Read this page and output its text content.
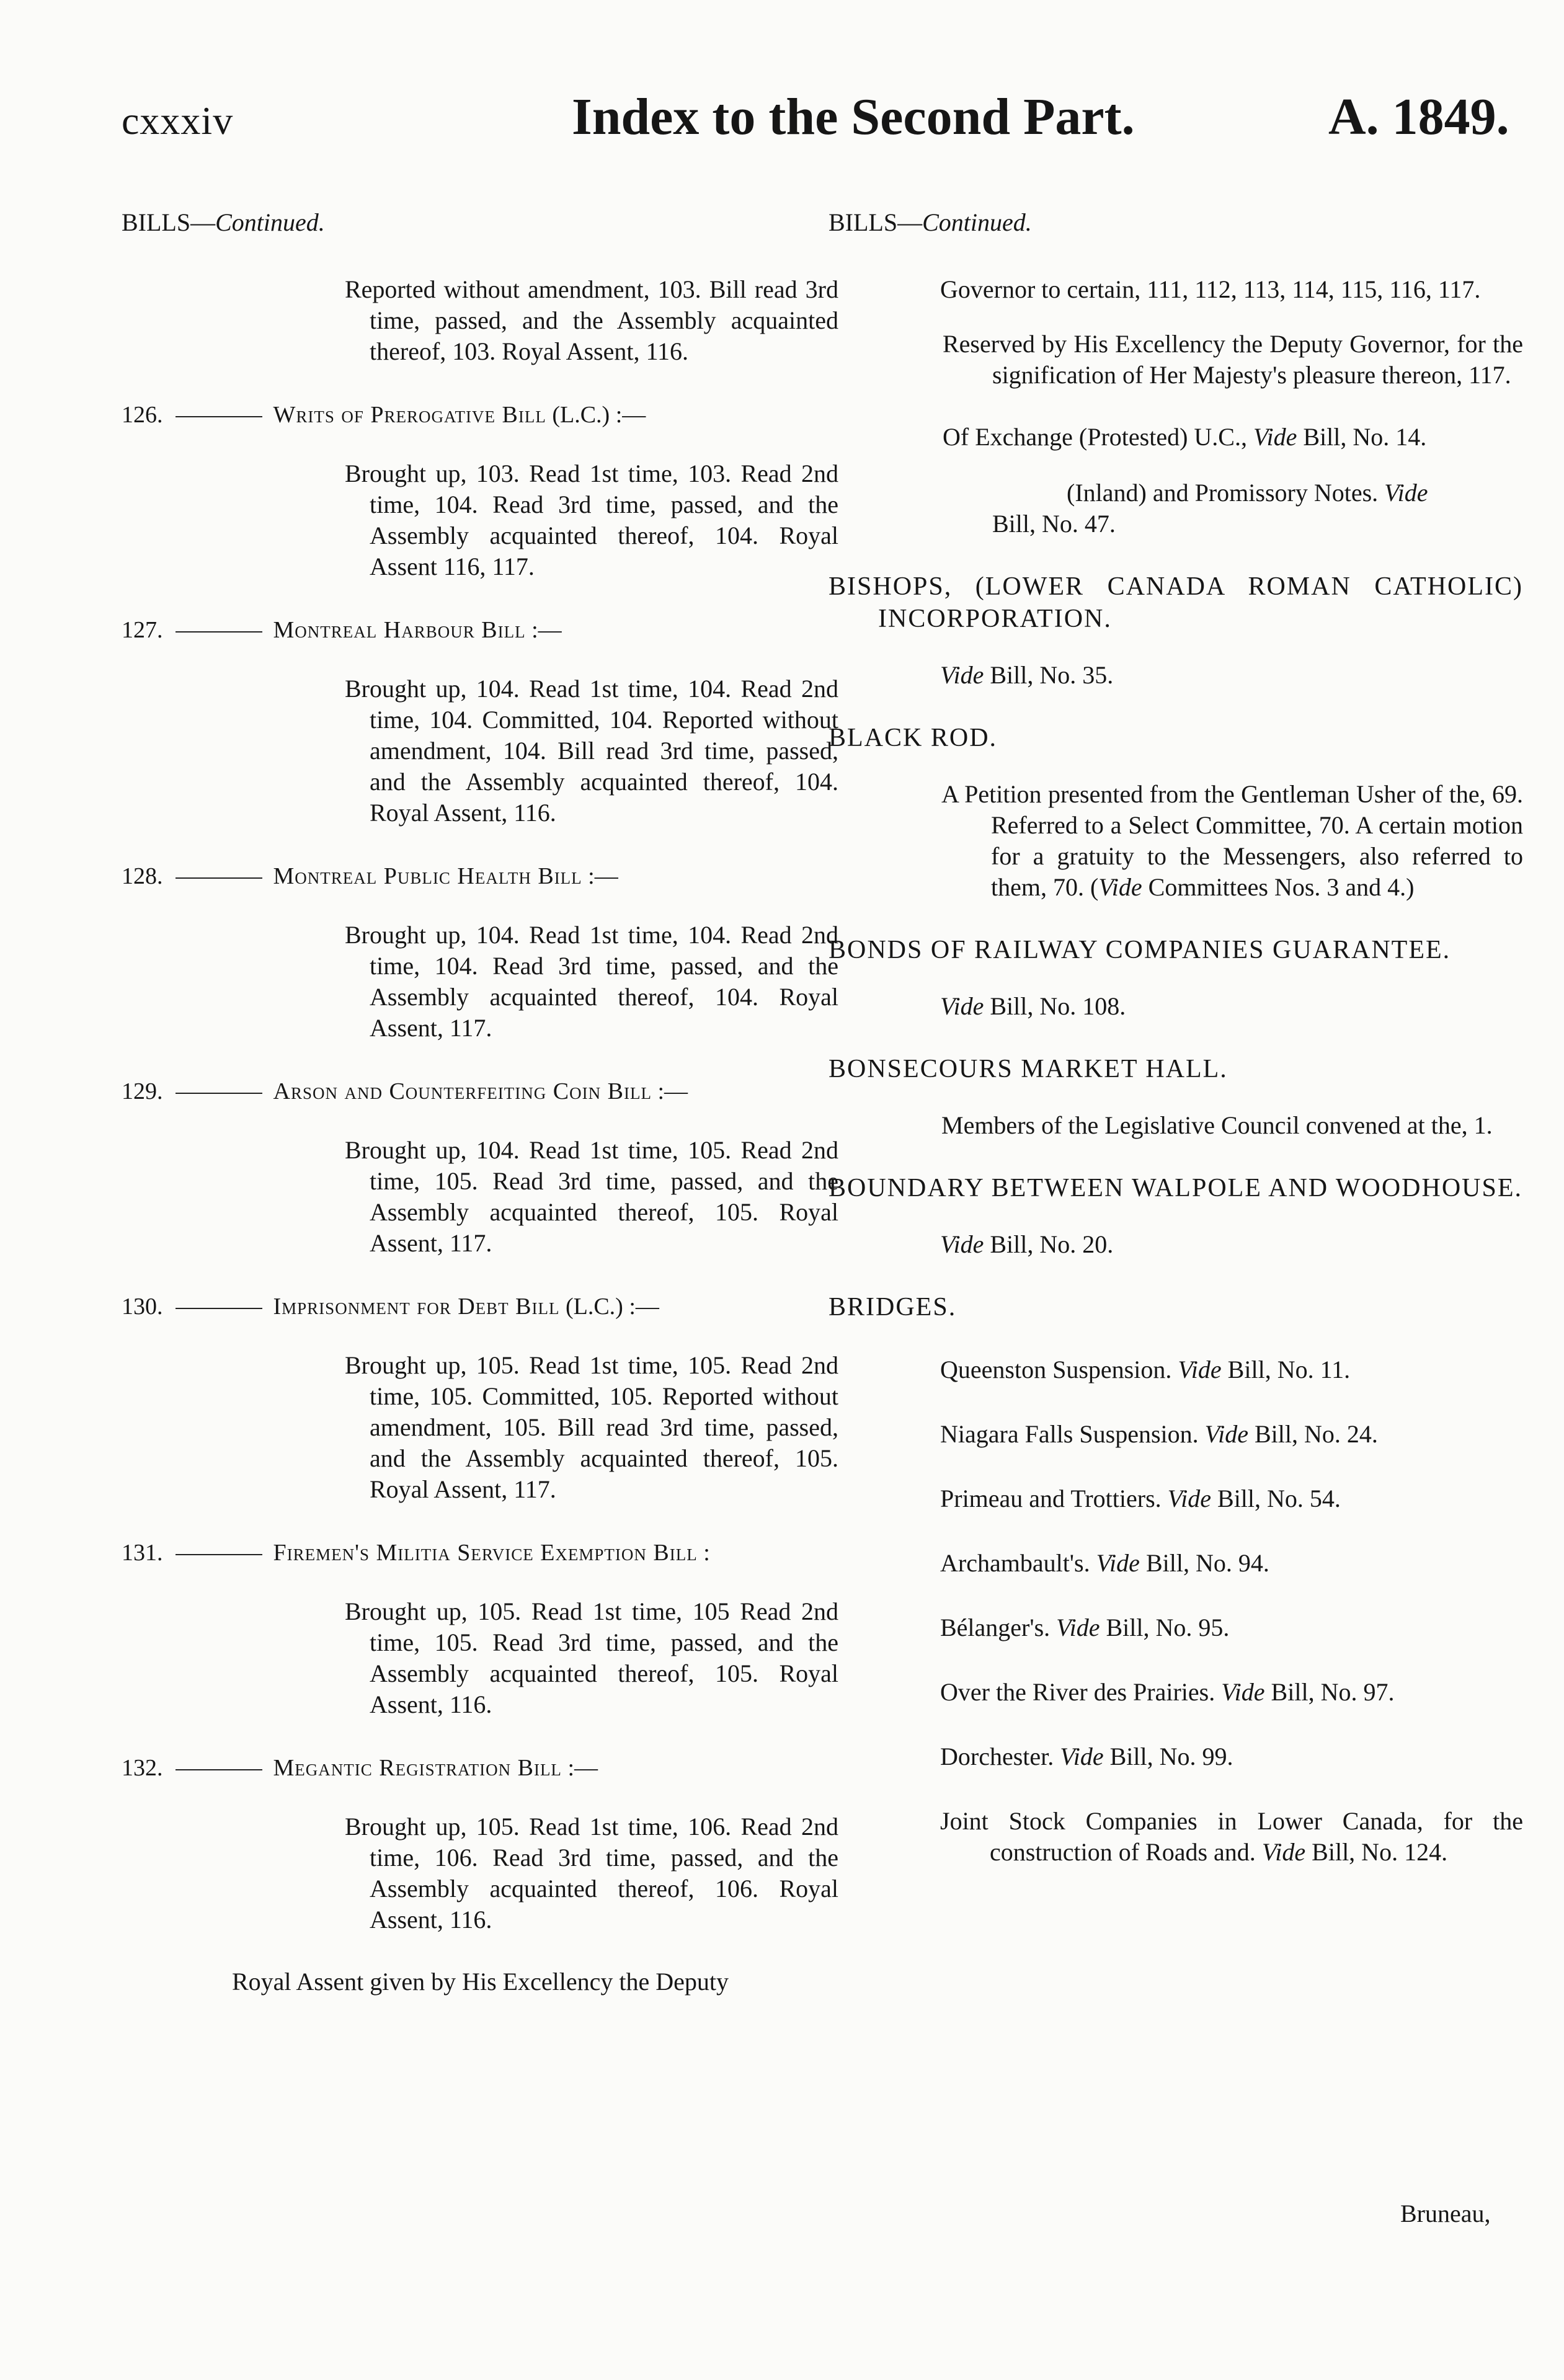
cxxxiv	Index to the Second Part.	A. 1849.
BILLS—Continued.
Reported without amendment, 103. Bill read 3rd time, passed, and the Assembly acquainted thereof, 103. Royal Assent, 116.
126.	Writs of Prerogative Bill (L.C.) :—
Brought up, 103. Read 1st time, 103. Read 2nd time, 104. Read 3rd time, passed, and the Assembly acquainted thereof, 104. Royal Assent 116, 117.
127.	Montreal Harbour Bill :—
Brought up, 104. Read 1st time, 104. Read 2nd time, 104. Committed, 104. Reported without amendment, 104. Bill read 3rd time, passed, and the Assembly acquainted thereof, 104. Royal Assent, 116.
128.	Montreal Public Health Bill :—
Brought up, 104. Read 1st time, 104. Read 2nd time, 104. Read 3rd time, passed, and the Assembly acquainted thereof, 104. Royal Assent, 117.
129.	Arson and Counterfeiting Coin Bill :—
Brought up, 104. Read 1st time, 105. Read 2nd time, 105. Read 3rd time, passed, and the Assembly acquainted thereof, 105. Royal Assent, 117.
130.	Imprisonment for Debt Bill (L.C.) :—
Brought up, 105. Read 1st time, 105. Read 2nd time, 105. Committed, 105. Reported without amendment, 105. Bill read 3rd time, passed, and the Assembly acquainted thereof, 105. Royal Assent, 117.
131.	Firemen's Militia Service Exemption Bill :
Brought up, 105. Read 1st time, 105 Read 2nd time, 105. Read 3rd time, passed, and the Assembly acquainted thereof, 105. Royal Assent, 116.
132.	Megantic Registration Bill :—
Brought up, 105. Read 1st time, 106. Read 2nd time, 106. Read 3rd time, passed, and the Assembly acquainted thereof, 106. Royal Assent, 116.
Royal Assent given by His Excellency the Deputy
BILLS—Continued.
Governor to certain, 111, 112, 113, 114, 115, 116, 117.
Reserved by His Excellency the Deputy Governor, for the signification of Her Majesty's pleasure thereon, 117.
Of Exchange (Protested) U.C., Vide Bill, No. 14.
(Inland) and Promissory Notes. Vide
Bill, No. 47.
BISHOPS, (LOWER CANADA ROMAN CATHOLIC) INCORPORATION.
Vide Bill, No. 35.
BLACK ROD.
A Petition presented from the Gentleman Usher of the, 69. Referred to a Select Committee, 70. A certain motion for a gratuity to the Messengers, also referred to them, 70. (Vide Committees Nos. 3 and 4.)
BONDS OF RAILWAY COMPANIES GUARANTEE.
Vide Bill, No. 108.
BONSECOURS MARKET HALL.
Members of the Legislative Council convened at the, 1.
BOUNDARY BETWEEN WALPOLE AND WOODHOUSE.
Vide Bill, No. 20.
BRIDGES.
Queenston Suspension. Vide Bill, No. 11.
Niagara Falls Suspension. Vide Bill, No. 24.
Primeau and Trottiers. Vide Bill, No. 54.
Archambault's. Vide Bill, No. 94.
Bélanger's. Vide Bill, No. 95.
Over the River des Prairies. Vide Bill, No. 97.
Dorchester. Vide Bill, No. 99.
Joint Stock Companies in Lower Canada, for the construction of Roads and. Vide Bill, No. 124.
Bruneau,
